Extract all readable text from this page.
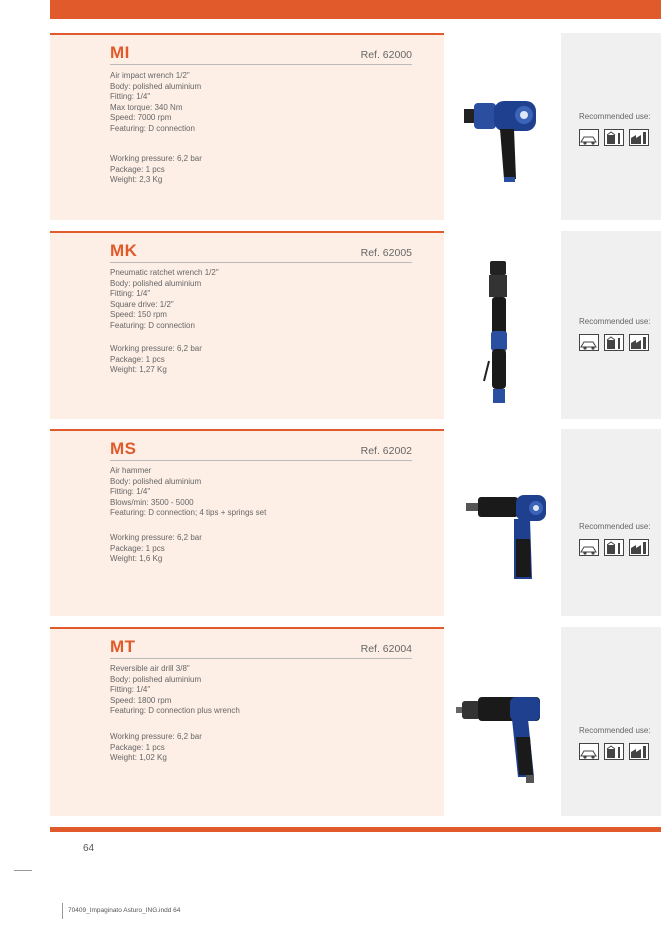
MI	Ref. 62000
Air impact wrench 1/2"
Body: polished aluminium
Fitting: 1/4"
Max torque: 340 Nm
Speed: 7000 rpm
Featuring: D connection
Working pressure: 6,2 bar
Package: 1 pcs
Weight: 2,3 Kg
Recommended use:
MK	Ref. 62005
Pneumatic ratchet wrench 1/2"
Body: polished aluminium
Fitting: 1/4"
Square drive: 1/2"
Speed: 150 rpm
Featuring: D connection
Working pressure: 6,2 bar
Package: 1 pcs
Weight: 1,27 Kg
Recommended use:
MS	Ref. 62002
Air hammer
Body: polished aluminium
Fitting: 1/4"
Blows/min: 3500 - 5000
Featuring: D connection; 4 tips + springs set
Working pressure: 6,2 bar
Package: 1 pcs
Weight: 1,6 Kg
Recommended use:
MT	Ref. 62004
Reversible air drill 3/8"
Body: polished aluminium
Fitting: 1/4"
Speed: 1800 rpm
Featuring: D connection plus wrench
Working pressure: 6,2 bar
Package: 1 pcs
Weight: 1,02 Kg
Recommended use:
64
70409_Impaginato Asturo_ING.indd 64
